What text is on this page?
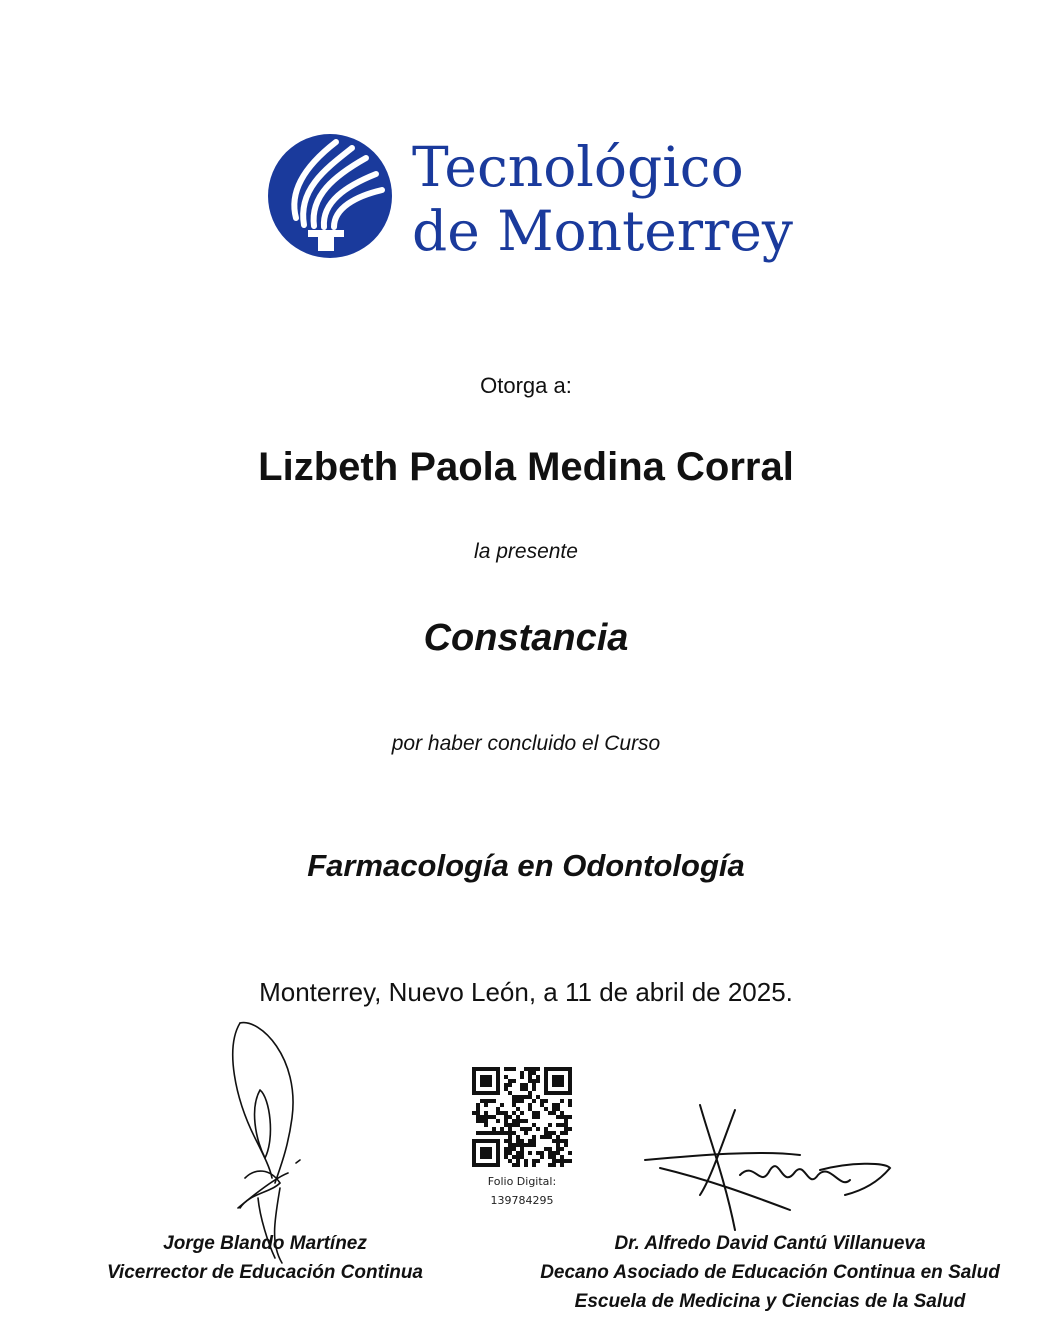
Tecnológico
de Monterrey
Otorga a:
Lizbeth Paola Medina Corral
la presente
Constancia
por haber concluido el Curso
Farmacología en Odontología
Monterrey, Nuevo León, a 11 de abril de 2025.
Folio Digital:
139784295
Jorge Blando Martínez
Vicerrector de Educación Continua
Dr. Alfredo David Cantú Villanueva
Decano Asociado de Educación Continua en Salud
Escuela de Medicina y Ciencias de la Salud
